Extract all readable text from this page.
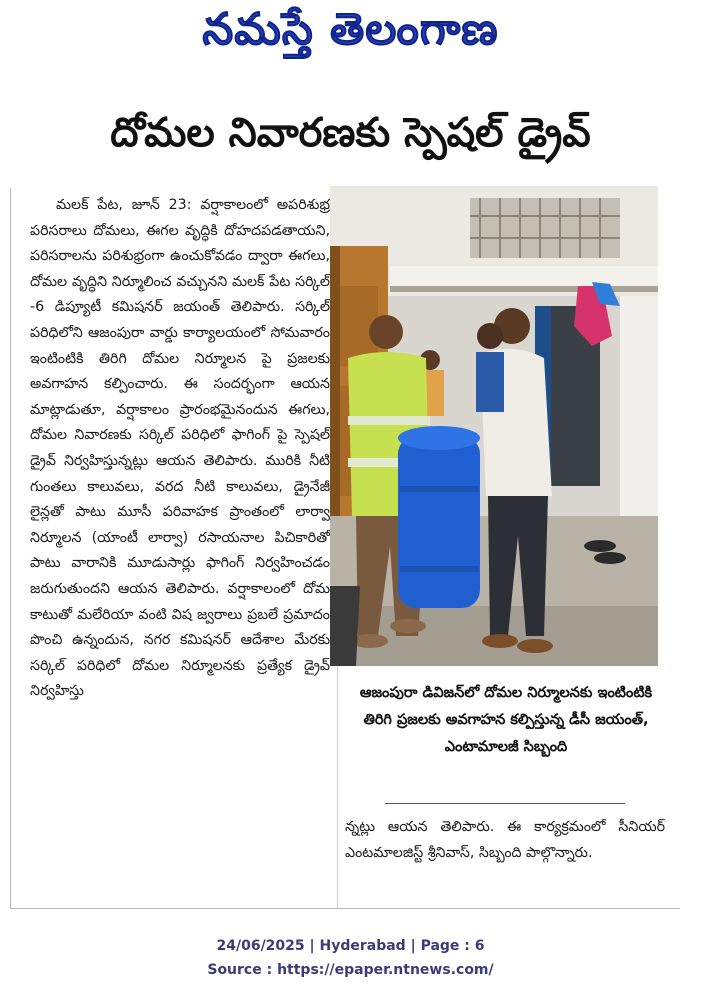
నమస్తే తెలంగాణ
దోమల నివారణకు స్పెషల్ డ్రైవ్

మలక్ పేట, జూన్ 23: వర్షాకాలంలో అపరిశుభ్ర పరిసరాలు దోమలు, ఈగల వృద్ధికి దోహదపడతాయని, పరిసరాలను పరిశుభ్రంగా ఉంచుకోవడం ద్వారా ఈగలు, దోమల వృద్ధిని నిర్మూలించ వచ్చునని మలక్ పేట సర్కిల్ -6 డిప్యూటీ కమిషనర్ జయంత్ తెలిపారు. సర్కిల్ పరిధిలోని ఆజంపురా వార్డు కార్యాలయంలో సోమవారం ఇంటింటికి తిరిగి దోమల నిర్మూలన పై ప్రజలకు అవగాహన కల్పించారు. ఈ సందర్భంగా ఆయన మాట్లాడుతూ, వర్షాకాలం ప్రారంభమైనందున ఈగలు, దోమల నివారణకు సర్కిల్ పరిధిలో ఫాగింగ్ పై స్పెషల్ డ్రైవ్ నిర్వహిస్తున్నట్లు ఆయన తెలిపారు. మురికి నీటి గుంతలు కాలువలు, వరద నీటి కాలువలు, డ్రైనేజీ లైన్లతో పాటు మూసీ పరివాహక ప్రాంతంలో లార్వా నిర్మూలన (యాంటీ లార్వా) రసాయనాల పిచికారితో పాటు వారానికి మూడుసార్లు ఫాగింగ్ నిర్వహించడం జరుగుతుందని ఆయన తెలిపారు. వర్షాకాలంలో దోమ కాటుతో మలేరియా వంటి విష జ్వరాలు ప్రబలే ప్రమాదం పొంచి ఉన్నందున, నగర కమిషనర్ ఆదేశాల మేరకు సర్కిల్ పరిధిలో దోమల నిర్మూలనకు ప్రత్యేక డ్రైవ్ నిర్వహిస్తు	ఆజంపురా డివిజన్‌లో దోమల నిర్మూలనకు ఇంటింటికి తిరిగి ప్రజలకు అవగాహన కల్పిస్తున్న డీసీ జయంత్, ఎంటామాలజీ సిబ్బంది

న్నట్లు ఆయన తెలిపారు. ఈ కార్యక్రమంలో సీనియర్ ఎంటమాలజిస్ట్ శ్రీనివాస్, సిబ్బంది పాల్గొన్నారు.

24/06/2025 | Hyderabad | Page : 6
Source : https://epaper.ntnews.com/
